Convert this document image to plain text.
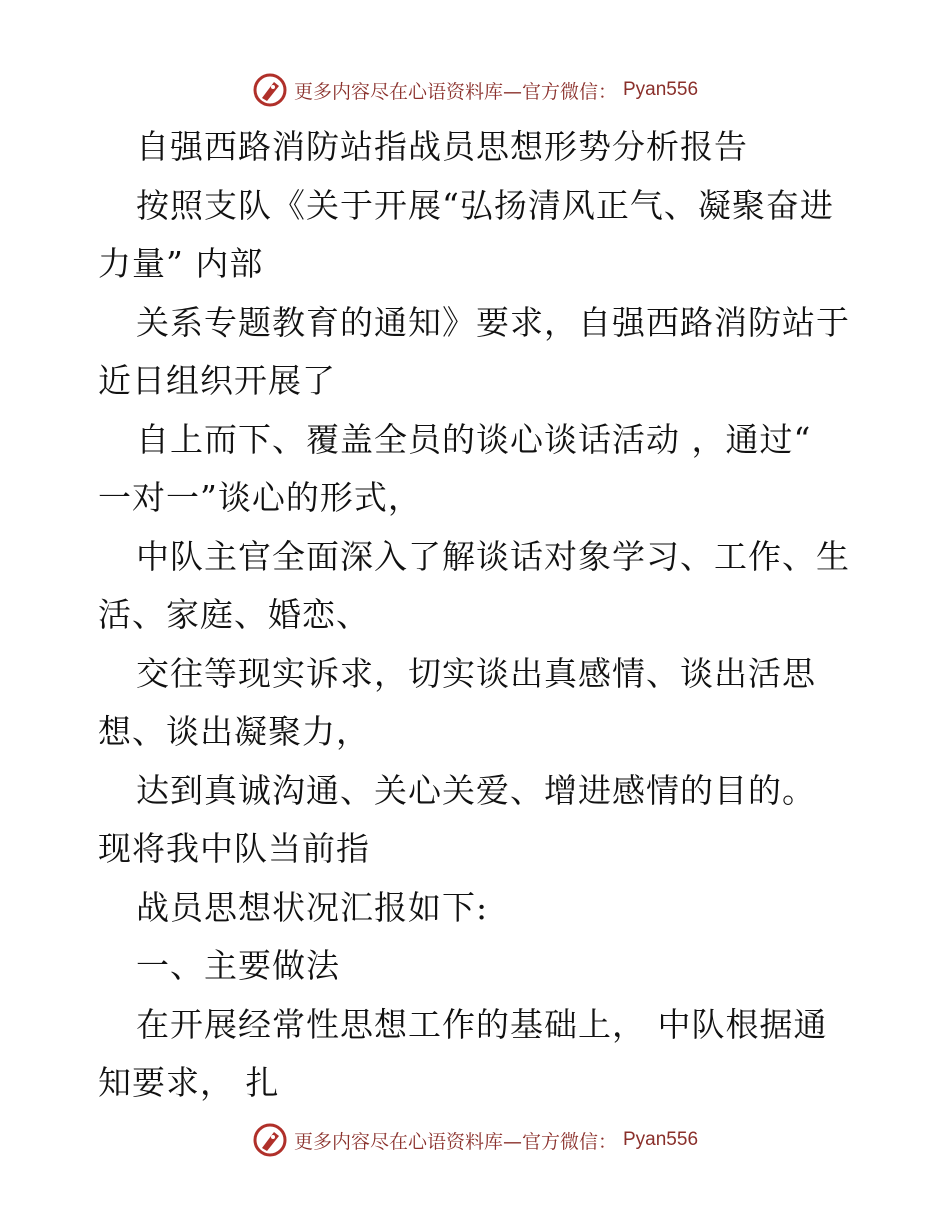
更多内容尽在心语资料库—官方微信： Pyan556

自强西路消防站指战员思想形势分析报告

按照支队《关于开展“弘扬清风正气、凝聚奋进

力量” 内部

关系专题教育的通知》要求，自强西路消防站于

近日组织开展了

自上而下、覆盖全员的谈心谈话活动 ，通过“

一对一”谈心的形式，

中队主官全面深入了解谈话对象学习、工作、生

活、家庭、婚恋、

交往等现实诉求，切实谈出真感情、谈出活思

想、谈出凝聚力，

达到真诚沟通、关心关爱、增进感情的目的。

现将我中队当前指

战员思想状况汇报如下:

一、主要做法

在开展经常性思想工作的基础上， 中队根据通

知要求， 扎

更多内容尽在心语资料库—官方微信： Pyan556
